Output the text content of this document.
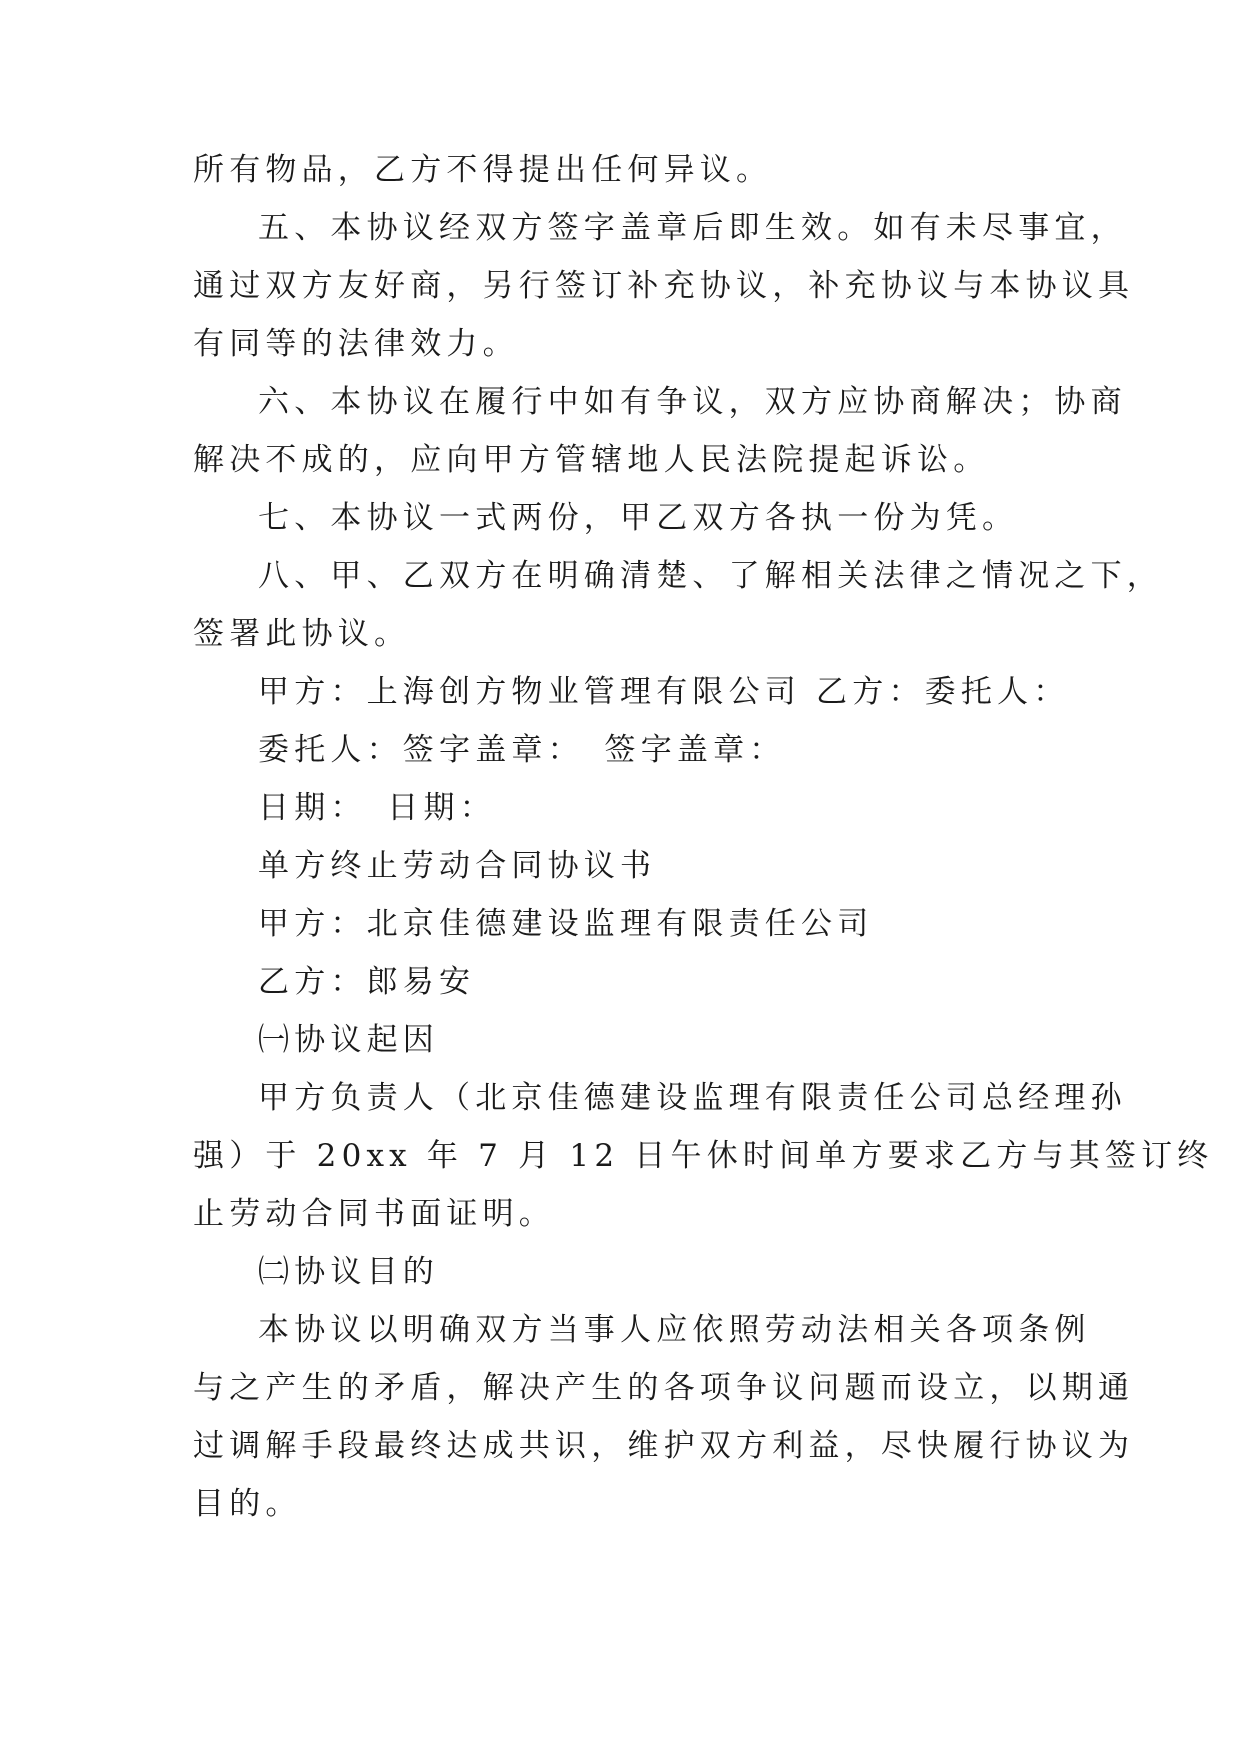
所有物品，乙方不得提出任何异议。

五、本协议经双方签字盖章后即生效。如有未尽事宜，

通过双方友好商，另行签订补充协议，补充协议与本协议具

有同等的法律效力。

六、本协议在履行中如有争议，双方应协商解决；协商

解决不成的，应向甲方管辖地人民法院提起诉讼。

七、本协议一式两份，甲乙双方各执一份为凭。

八、甲、乙双方在明确清楚、了解相关法律之情况之下，

签署此协议。

甲方：上海创方物业管理有限公司 乙方：委托人：

委托人：签字盖章：　签字盖章：

日期：　日期：

单方终止劳动合同协议书

甲方：北京佳德建设监理有限责任公司

乙方：郎易安

㈠协议起因

甲方负责人（北京佳德建设监理有限责任公司总经理孙

强）于 20xx 年 7 月 12 日午休时间单方要求乙方与其签订终

止劳动合同书面证明。

㈡协议目的

本协议以明确双方当事人应依照劳动法相关各项条例

与之产生的矛盾，解决产生的各项争议问题而设立，以期通

过调解手段最终达成共识，维护双方利益，尽快履行协议为

目的。
